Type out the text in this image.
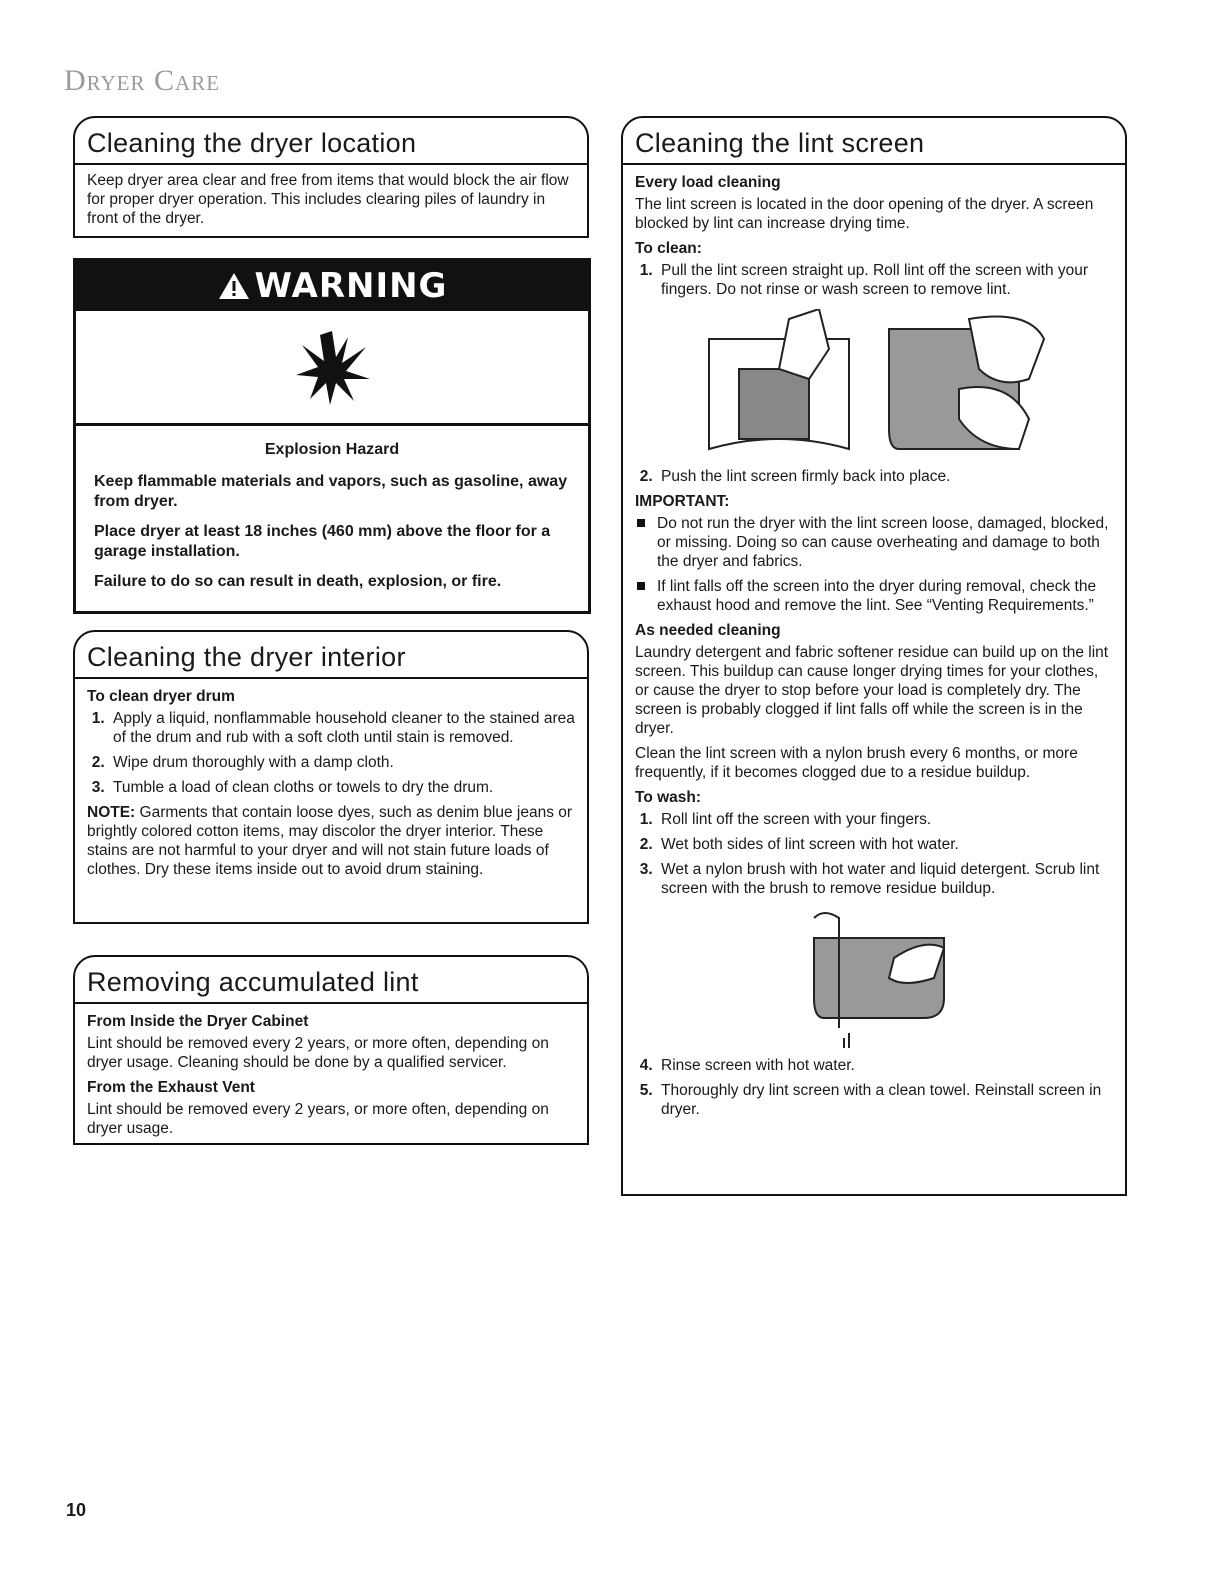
Dryer Care
Cleaning the dryer location

Keep dryer area clear and free from items that would block the air flow for proper dryer operation. This includes clearing piles of laundry in front of the dryer.

WARNING
Explosion Hazard

Keep flammable materials and vapors, such as gasoline, away from dryer.

Place dryer at least 18 inches (460 mm) above the floor for a garage installation.

Failure to do so can result in death, explosion, or fire.

Cleaning the dryer interior
To clean dryer drum
1. Apply a liquid, nonflammable household cleaner to the stained area of the drum and rub with a soft cloth until stain is removed.
2. Wipe drum thoroughly with a damp cloth.
3. Tumble a load of clean cloths or towels to dry the drum.

NOTE: Garments that contain loose dyes, such as denim blue jeans or brightly colored cotton items, may discolor the dryer interior. These stains are not harmful to your dryer and will not stain future loads of clothes. Dry these items inside out to avoid drum staining.

Removing accumulated lint
From Inside the Dryer Cabinet

Lint should be removed every 2 years, or more often, depending on dryer usage. Cleaning should be done by a qualified servicer.

From the Exhaust Vent

Lint should be removed every 2 years, or more often, depending on dryer usage.

Cleaning the lint screen
Every load cleaning

The lint screen is located in the door opening of the dryer. A screen blocked by lint can increase drying time.

To clean:
1. Pull the lint screen straight up. Roll lint off the screen with your fingers. Do not rinse or wash screen to remove lint.
2. Push the lint screen firmly back into place.
IMPORTANT:
Do not run the dryer with the lint screen loose, damaged, blocked, or missing. Doing so can cause overheating and damage to both the dryer and fabrics.
If lint falls off the screen into the dryer during removal, check the exhaust hood and remove the lint. See “Venting Requirements.”
As needed cleaning

Laundry detergent and fabric softener residue can build up on the lint screen. This buildup can cause longer drying times for your clothes, or cause the dryer to stop before your load is completely dry. The screen is probably clogged if lint falls off while the screen is in the dryer.

Clean the lint screen with a nylon brush every 6 months, or more frequently, if it becomes clogged due to a residue buildup.

To wash:
1. Roll lint off the screen with your fingers.
2. Wet both sides of lint screen with hot water.
3. Wet a nylon brush with hot water and liquid detergent. Scrub lint screen with the brush to remove residue buildup.
4. Rinse screen with hot water.
5. Thoroughly dry lint screen with a clean towel. Reinstall screen in dryer.
10
